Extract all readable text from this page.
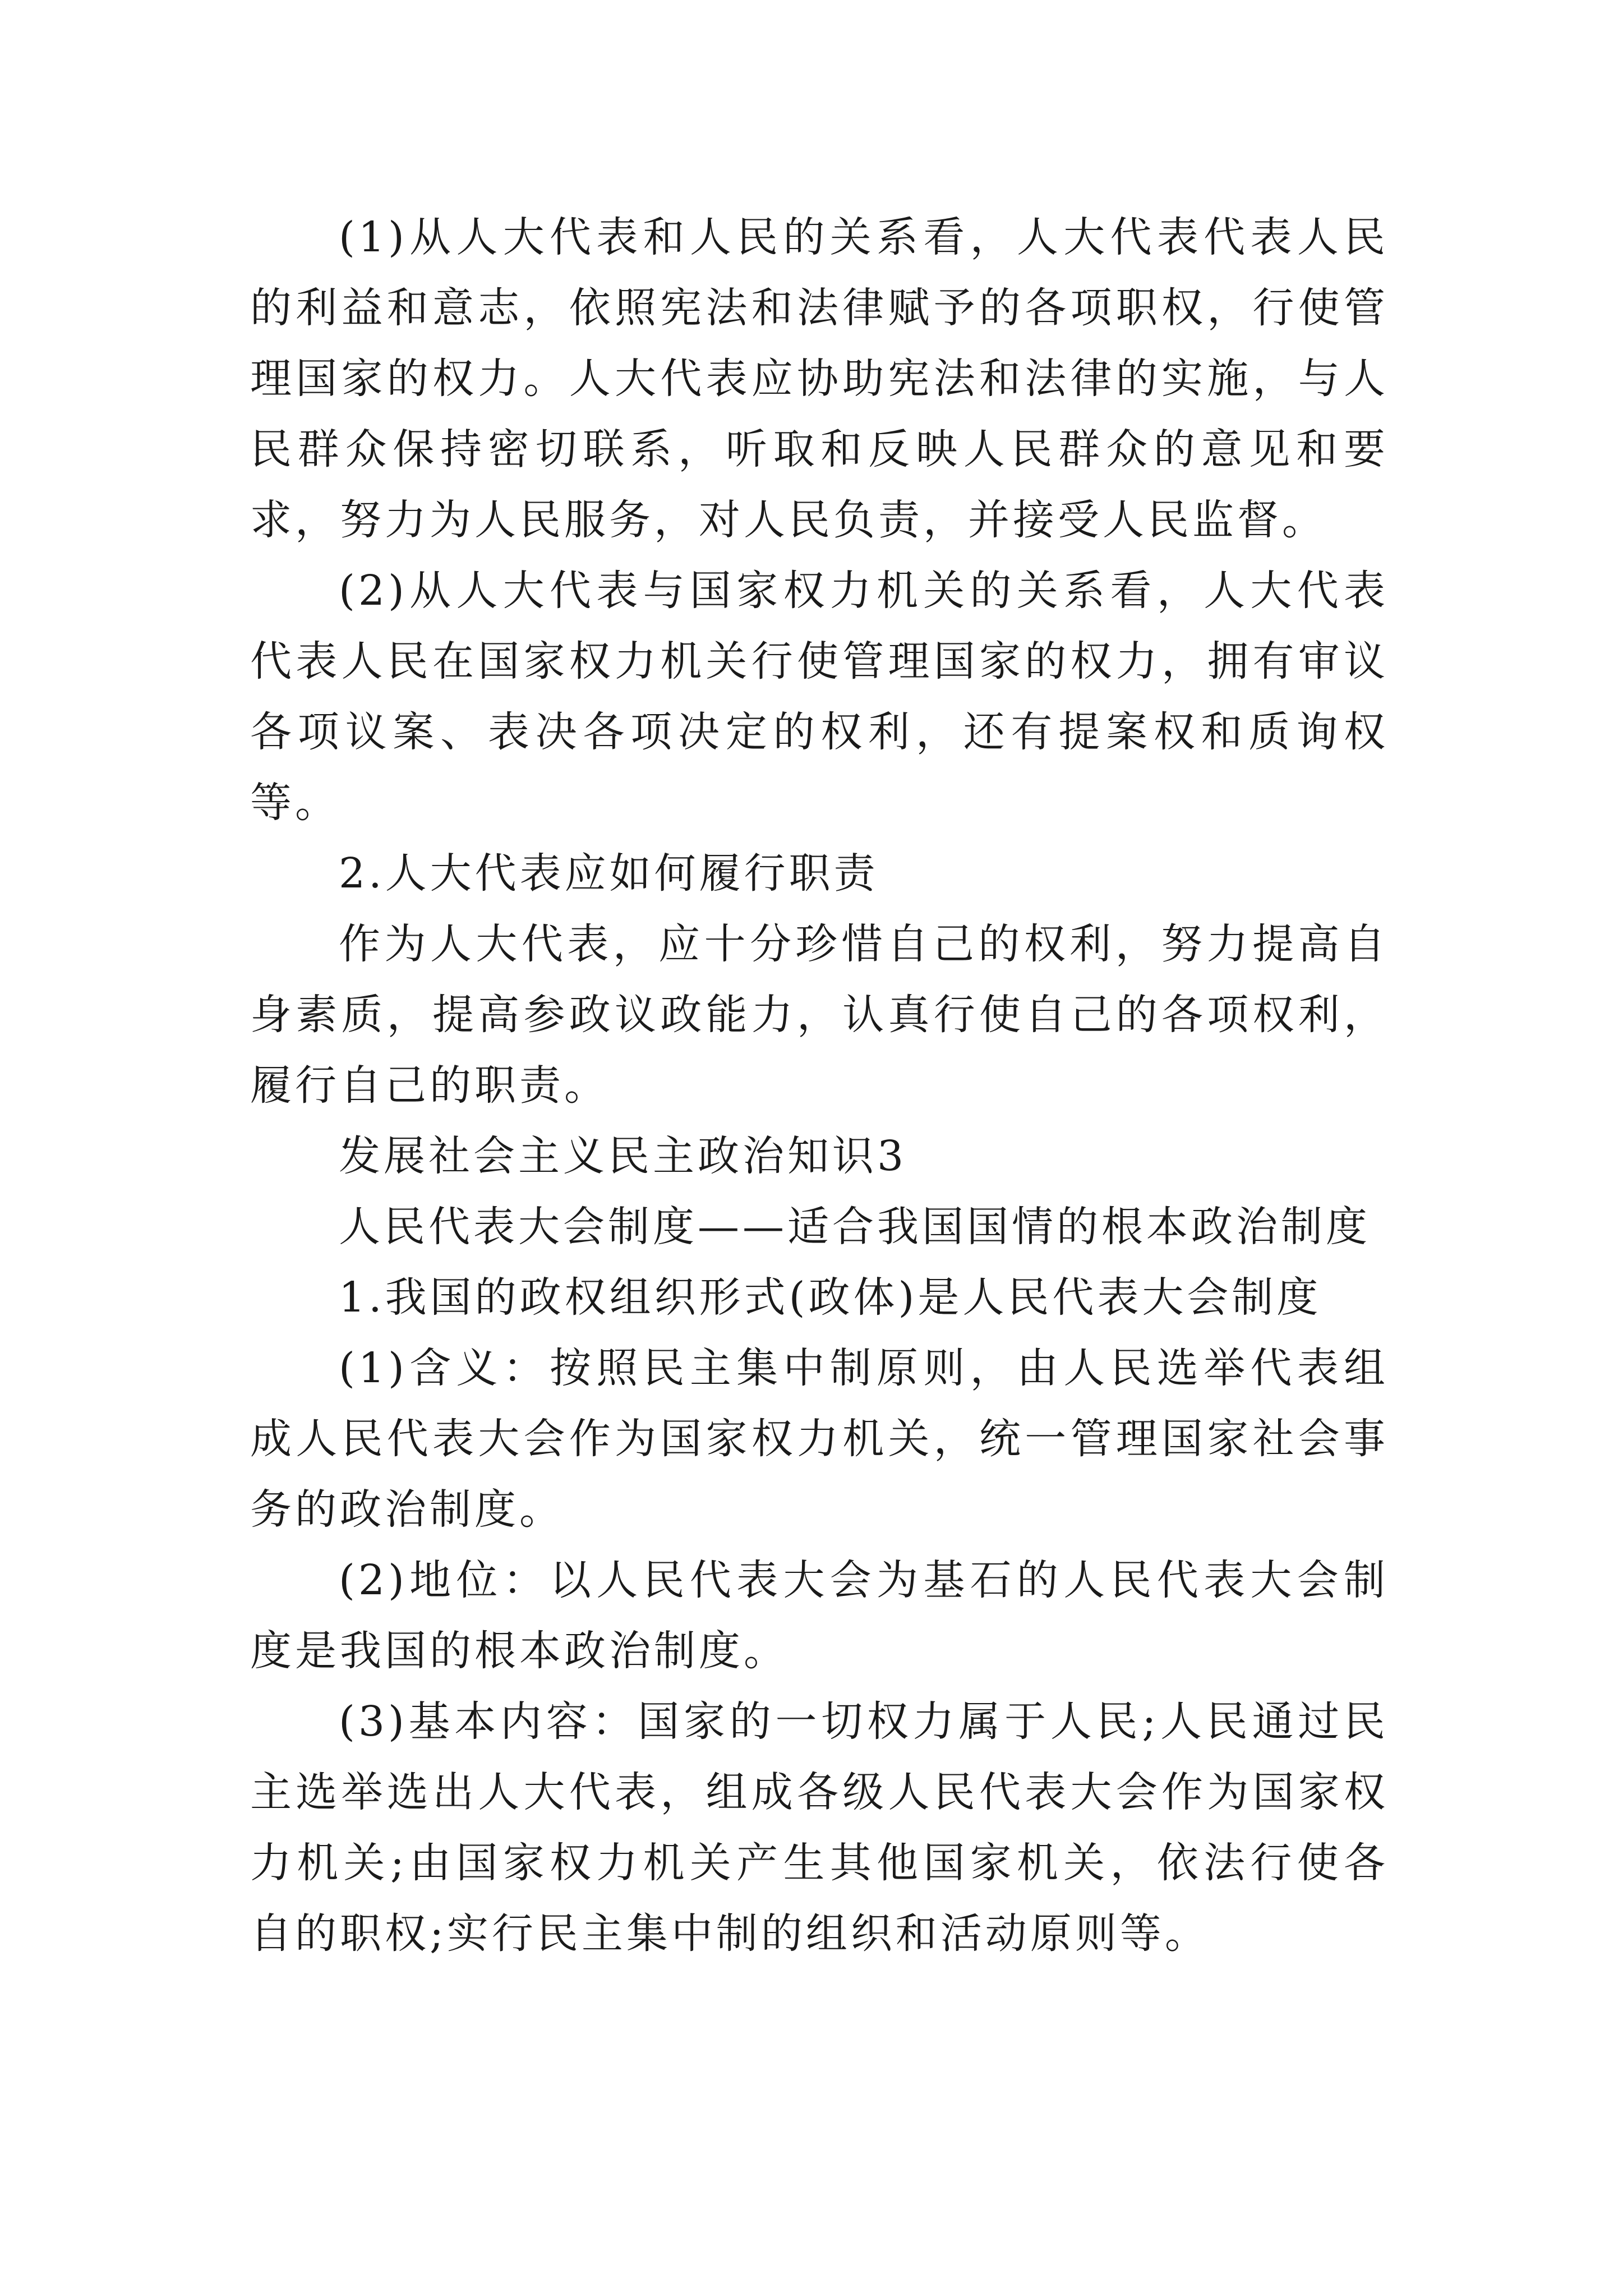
(1)从人大代表和人民的关系看，人大代表代表人民的利益和意志，依照宪法和法律赋予的各项职权，行使管理国家的权力。人大代表应协助宪法和法律的实施，与人民群众保持密切联系，听取和反映人民群众的意见和要求，努力为人民服务，对人民负责，并接受人民监督。

(2)从人大代表与国家权力机关的关系看，人大代表代表人民在国家权力机关行使管理国家的权力，拥有审议各项议案、表决各项决定的权利，还有提案权和质询权等。

2.人大代表应如何履行职责

作为人大代表，应十分珍惜自己的权利，努力提高自身素质，提高参政议政能力，认真行使自己的各项权利，履行自己的职责。

发展社会主义民主政治知识3

人民代表大会制度——适合我国国情的根本政治制度

1.我国的政权组织形式(政体)是人民代表大会制度

(1)含义：按照民主集中制原则，由人民选举代表组成人民代表大会作为国家权力机关，统一管理国家社会事务的政治制度。

(2)地位：以人民代表大会为基石的人民代表大会制度是我国的根本政治制度。

(3)基本内容：国家的一切权力属于人民;人民通过民主选举选出人大代表，组成各级人民代表大会作为国家权力机关;由国家权力机关产生其他国家机关，依法行使各自的职权;实行民主集中制的组织和活动原则等。
